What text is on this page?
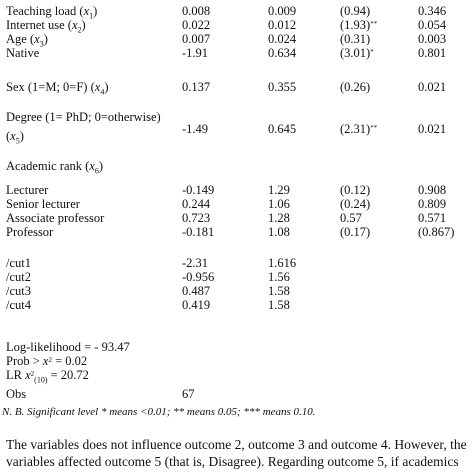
Teaching load $(x_1)$	0.008	0.009	(0.94)	0.346
Internet use $(x_2)$	0.022	0.012	(1.93)**	0.054
Age $(x_3)$	0.007	0.024	(0.31)	0.003
Native	-1.91	0.634	(3.01)*	0.801
Sex (1=M; 0=F) $(x_4)$	0.137	0.355	(0.26)	0.021
Degree (1= PhD; 0=otherwise)
$(x_5)$	-1.49	0.645	(2.31)**	0.021
Academic rank $(x_6)$
Lecturer	-0.149	1.29	(0.12)	0.908
Senior lecturer	0.244	1.06	(0.24)	0.809
Associate professor	0.723	1.28	0.57	0.571
Professor	-0.181	1.08	(0.17)	(0.867)
/cut1	-2.31	1.616
/cut2	-0.956	1.56
/cut3	0.487	1.58
/cut4	0.419	1.58
Log-likelihood = - 93.47
Prob > $x^2 = 0.02$
LR $x^2_{(10)} = 20.72$
Obs	67
N. B. Significant level * means <0.01; ** means 0.05; *** means 0.10.
The variables does not influence outcome 2, outcome 3 and outcome 4. However, the
variables affected outcome 5 (that is, Disagree). Regarding outcome 5, if academics
